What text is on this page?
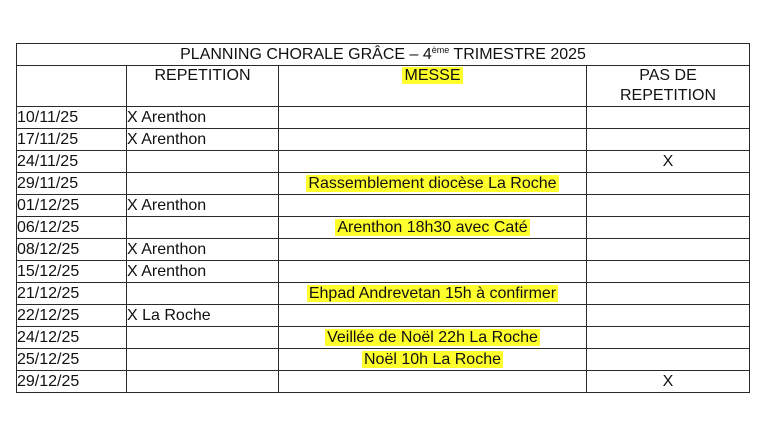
PLANNING CHORALE GRÂCE – 4ème TRIMESTRE 2025			
	REPETITION	MESSE	PAS DE
REPETITION
10/11/25	X Arenthon		
17/11/25	X Arenthon		
24/11/25			X
29/11/25		Rassemblement diocèse La Roche	
01/12/25	X Arenthon		
06/12/25		Arenthon 18h30 avec Caté	
08/12/25	X Arenthon		
15/12/25	X Arenthon		
21/12/25		Ehpad Andrevetan 15h à confirmer	
22/12/25	X La Roche		
24/12/25		Veillée de Noël 22h La Roche	
25/12/25		Noël 10h La Roche	
29/12/25			X
